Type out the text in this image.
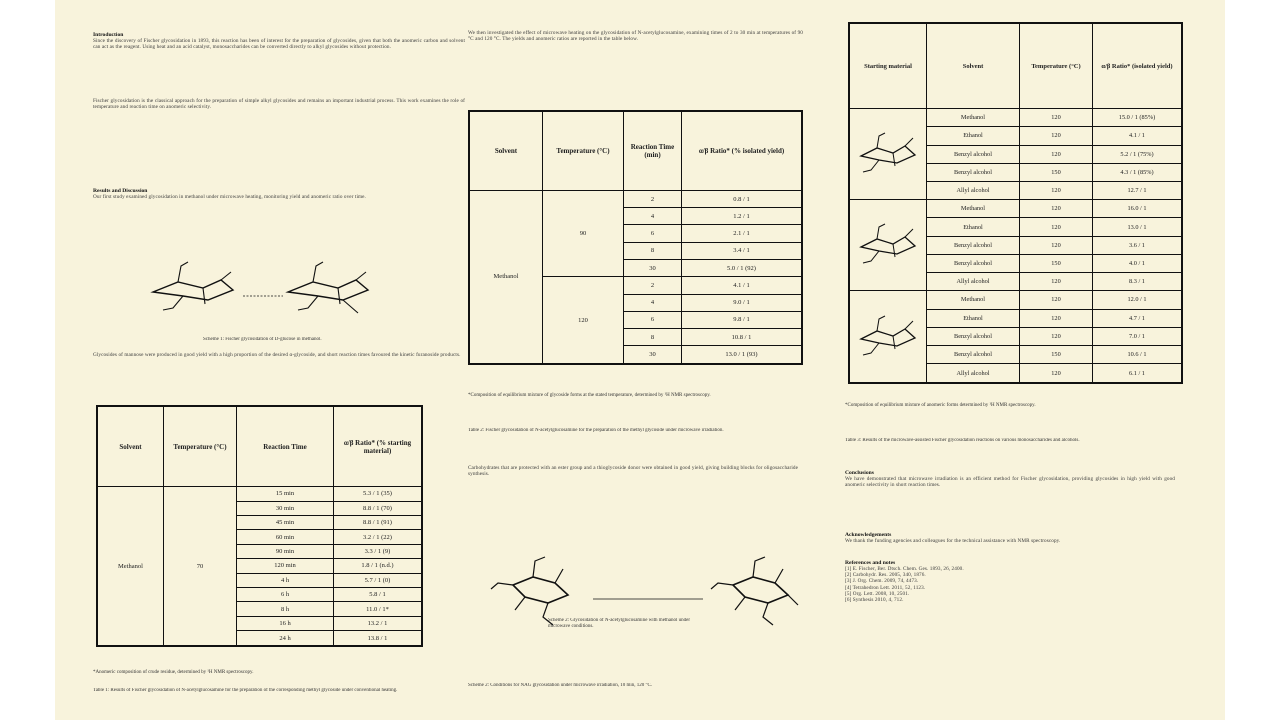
Introduction
Since the discovery of Fischer glycosidation in 1893, this reaction has been of interest for the preparation of glycosides, given that both the anomeric carbon and solvent can act as the reagent. Using heat and an acid catalyst, monosaccharides can be converted directly to alkyl glycosides without protection.
Fischer glycosidation is the classical approach for the preparation of simple alkyl glycosides and remains an important industrial process. This work examines the role of temperature and reaction time on anomeric selectivity.
Results and Discussion
Our first study examined glycosidation in methanol under microwave heating, monitoring yield and anomeric ratio over time.
Scheme 1: Fischer glycosidation of D-glucose in methanol.
Glycosides of mannose were produced in good yield with a high proportion of the desired α-glycoside, and short reaction times favoured the kinetic furanoside products.
Solvent	Temperature (°C)	Reaction Time	α/β Ratio* (% starting material)
Methanol	70	15 min	5.3 / 1 (35)
		30 min	8.8 / 1 (70)
		45 min	8.8 / 1 (91)
		60 min	3.2 / 1 (22)
		90 min	3.3 / 1 (9)
		120 min	1.8 / 1 (n.d.)
		4 h	5.7 / 1 (0)
		6 h	5.8 / 1
		8 h	11.0 / 1*
		16 h	13.2 / 1
		24 h	13.8 / 1
*Anomeric composition of crude residue, determined by ¹H NMR spectroscopy.
Table 1: Results of Fischer glycosidation of N-acetylglucosamine for the preparation of the corresponding methyl glycoside under conventional heating.
We then investigated the effect of microwave heating on the glycosidation of N-acetylglucosamine, examining times of 2 to 30 min at temperatures of 90 °C and 120 °C. The yields and anomeric ratios are reported in the table below.
Solvent	Temperature (°C)	Reaction Time (min)	α/β Ratio* (% isolated yield)
Methanol	90	2	0.8 / 1
		4	1.2 / 1
		6	2.1 / 1
		8	3.4 / 1
		30	5.0 / 1 (92)
	120	2	4.1 / 1
		4	9.0 / 1
		6	9.8 / 1
		8	10.8 / 1
		30	13.0 / 1 (93)
*Composition of equilibrium mixture of glycoside forms at the stated temperature, determined by ¹H NMR spectroscopy.
Table 2: Fischer glycosidation of N-acetylglucosamine for the preparation of the methyl glycoside under microwave irradiation.
Carbohydrates that are protected with an ester group and a thioglycoside donor were obtained in good yield, giving building blocks for oligosaccharide synthesis.
Scheme 2: Glycosidation of N-acetylglucosamine with methanol under microwave conditions.
Scheme 2: Conditions for NAG glycosidation under microwave irradiation, 10 min, 120 °C.
Starting material	Solvent	Temperature (°C)	α/β Ratio* (isolated yield)
	Methanol	120	15.0 / 1 (85%)
	Ethanol	120	4.1 / 1
	Benzyl alcohol	120	5.2 / 1 (75%)
	Benzyl alcohol	150	4.3 / 1 (85%)
	Allyl alcohol	120	12.7 / 1
	Methanol	120	16.0 / 1
	Ethanol	120	13.0 / 1
	Benzyl alcohol	120	3.6 / 1
	Benzyl alcohol	150	4.0 / 1
	Allyl alcohol	120	8.3 / 1
	Methanol	120	12.0 / 1
	Ethanol	120	4.7 / 1
	Benzyl alcohol	120	7.0 / 1
	Benzyl alcohol	150	10.6 / 1
	Allyl alcohol	120	6.1 / 1
*Composition of equilibrium mixture of anomeric forms determined by ¹H NMR spectroscopy.
Table 3: Results of the microwave-assisted Fischer glycosidation reactions on various monosaccharides and alcohols.
Conclusions
We have demonstrated that microwave irradiation is an efficient method for Fischer glycosidation, providing glycosides in high yield with good anomeric selectivity in short reaction times.
Acknowledgements
We thank the funding agencies and colleagues for the technical assistance with NMR spectroscopy.
References and notes
[1] E. Fischer, Ber. Dtsch. Chem. Ges. 1893, 26, 2400.
[2] Carbohydr. Res. 2005, 340, 1876.
[3] J. Org. Chem. 2009, 74, 4473.
[4] Tetrahedron Lett. 2011, 52, 1123.
[5] Org. Lett. 2008, 10, 2501.
[6] Synthesis 2010, 4, 712.
